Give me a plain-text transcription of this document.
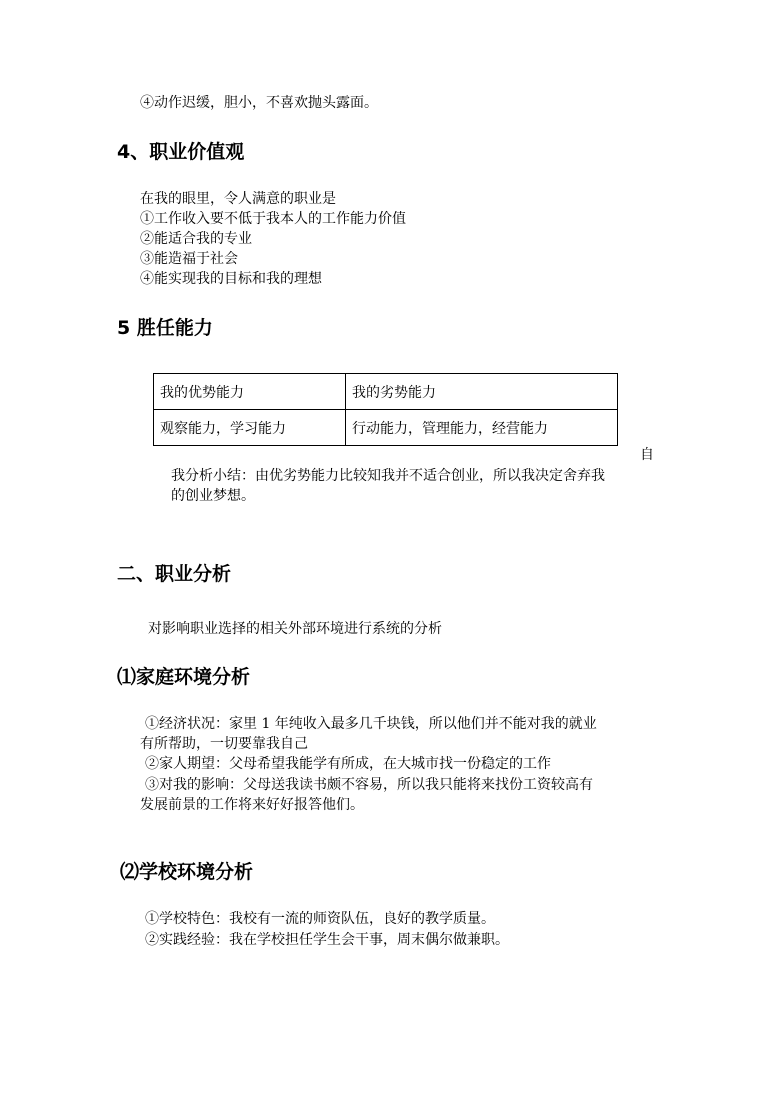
④动作迟缓，胆小，不喜欢抛头露面。
4、职业价值观
在我的眼里，令人满意的职业是
①工作收入要不低于我本人的工作能力价值
②能适合我的专业
③能造福于社会
④能实现我的目标和我的理想
5 胜任能力
我的优势能力	我的劣势能力
观察能力，学习能力	行动能力，管理能力，经营能力
自
我分析小结：由优劣势能力比较知我并不适合创业，所以我决定舍弃我
的创业梦想。
二、职业分析
对影响职业选择的相关外部环境进行系统的分析
⑴家庭环境分析
①经济状况：家里 1 年纯收入最多几千块钱，所以他们并不能对我的就业
有所帮助，一切要靠我自己
②家人期望：父母希望我能学有所成，在大城市找一份稳定的工作
③对我的影响：父母送我读书颇不容易，所以我只能将来找份工资较高有
发展前景的工作将来好好报答他们。
⑵学校环境分析
①学校特色：我校有一流的师资队伍，良好的教学质量。
②实践经验：我在学校担任学生会干事，周末偶尔做兼职。
